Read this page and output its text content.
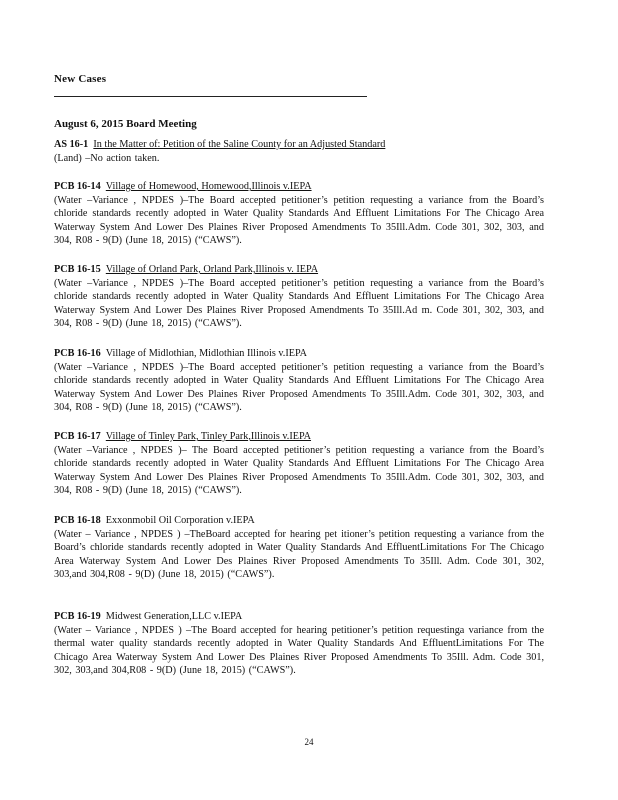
New Cases
August 6, 2015 Board Meeting
AS 16-1 In the Matter of: Petition of the Saline County for an Adjusted Standard
(Land) –No action taken.
PCB 16-14 Village of Homewood, Homewood,Illinois v.IEPA
(Water –Variance , NPDES )–The Board accepted petitioner’s petition requesting a variance from the Board’s chloride standards recently adopted in Water Quality Standards And Effluent Limitations For The Chicago Area Waterway System And Lower Des Plaines River Proposed Amendments To 35Ill.Adm. Code 301, 302, 303, and 304, R08 - 9(D) (June 18, 2015) (“CAWS”).
PCB 16-15 Village of Orland Park, Orland Park,Illinois v. IEPA
(Water –Variance , NPDES )–The Board accepted petitioner’s petition requesting a variance from the Board’s chloride standards recently adopted in Water Quality Standards And Effluent Limitations For The Chicago Area Waterway System And Lower Des Plaines River Proposed Amendments To 35Ill.Ad m. Code 301, 302, 303, and 304, R08 - 9(D) (June 18, 2015) (“CAWS”).
PCB 16-16 Village of Midlothian, Midlothian Illinois v.IEPA
(Water –Variance , NPDES )–The Board accepted petitioner’s petition requesting a variance from the Board’s chloride standards recently adopted in Water Quality Standards And Effluent Limitations For The Chicago Area Waterway System And Lower Des Plaines River Proposed Amendments To 35Ill.Adm. Code 301, 302, 303, and 304, R08 - 9(D) (June 18, 2015) (“CAWS”).
PCB 16-17 Village of Tinley Park, Tinley Park,Illinois v.IEPA
(Water –Variance , NPDES )– The Board accepted petitioner’s petition requesting a variance from the Board’s chloride standards recently adopted in Water Quality Standards And Effluent Limitations For The Chicago Area Waterway System And Lower Des Plaines River Proposed Amendments To 35Ill.Adm. Code 301, 302, 303, and 304, R08 - 9(D) (June 18, 2015) (“CAWS”).
PCB 16-18 Exxonmobil Oil Corporation v.IEPA
(Water – Variance , NPDES ) –TheBoard accepted for hearing pet itioner’s petition requesting a variance from the Board’s chloride standards recently adopted in Water Quality Standards And EffluentLimitations For The Chicago Area Waterway System And Lower Des Plaines River Proposed Amendments To 35Ill. Adm. Code 301, 302, 303,and 304,R08 - 9(D) (June 18, 2015) (“CAWS”).
PCB 16-19 Midwest Generation,LLC v.IEPA
(Water – Variance , NPDES ) –The Board accepted for hearing petitioner’s petition requestinga variance from the thermal water quality standards recently adopted in Water Quality Standards And EffluentLimitations For The Chicago Area Waterway System And Lower Des Plaines River Proposed Amendments To 35Ill. Adm. Code 301, 302, 303,and 304,R08 - 9(D) (June 18, 2015) (“CAWS”).
24
